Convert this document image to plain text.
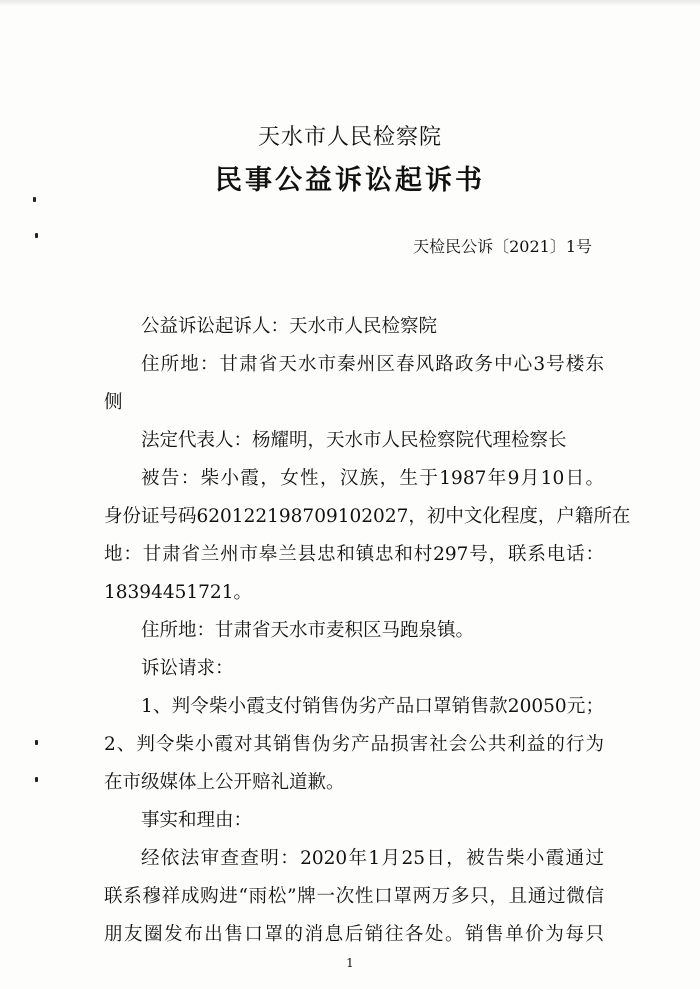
天水市人民检察院
民事公益诉讼起诉书
天检民公诉〔2021〕1号
公益诉讼起诉人：天水市人民检察院
住所地：甘肃省天水市秦州区春风路政务中心3号楼东
侧
法定代表人：杨耀明，天水市人民检察院代理检察长
被告：柴小霞，女性，汉族，生于1987年9月10日。
身份证号码620122198709102027，初中文化程度，户籍所在
地：甘肃省兰州市皋兰县忠和镇忠和村297号，联系电话：
18394451721。
住所地：甘肃省天水市麦积区马跑泉镇。
诉讼请求：
1、判令柴小霞支付销售伪劣产品口罩销售款20050元；
2、判令柴小霞对其销售伪劣产品损害社会公共利益的行为
在市级媒体上公开赔礼道歉。
事实和理由：
经依法审查查明：2020年1月25日，被告柴小霞通过
联系穆祥成购进“雨松”牌一次性口罩两万多只，且通过微信
朋友圈发布出售口罩的消息后销往各处。销售单价为每只
1
